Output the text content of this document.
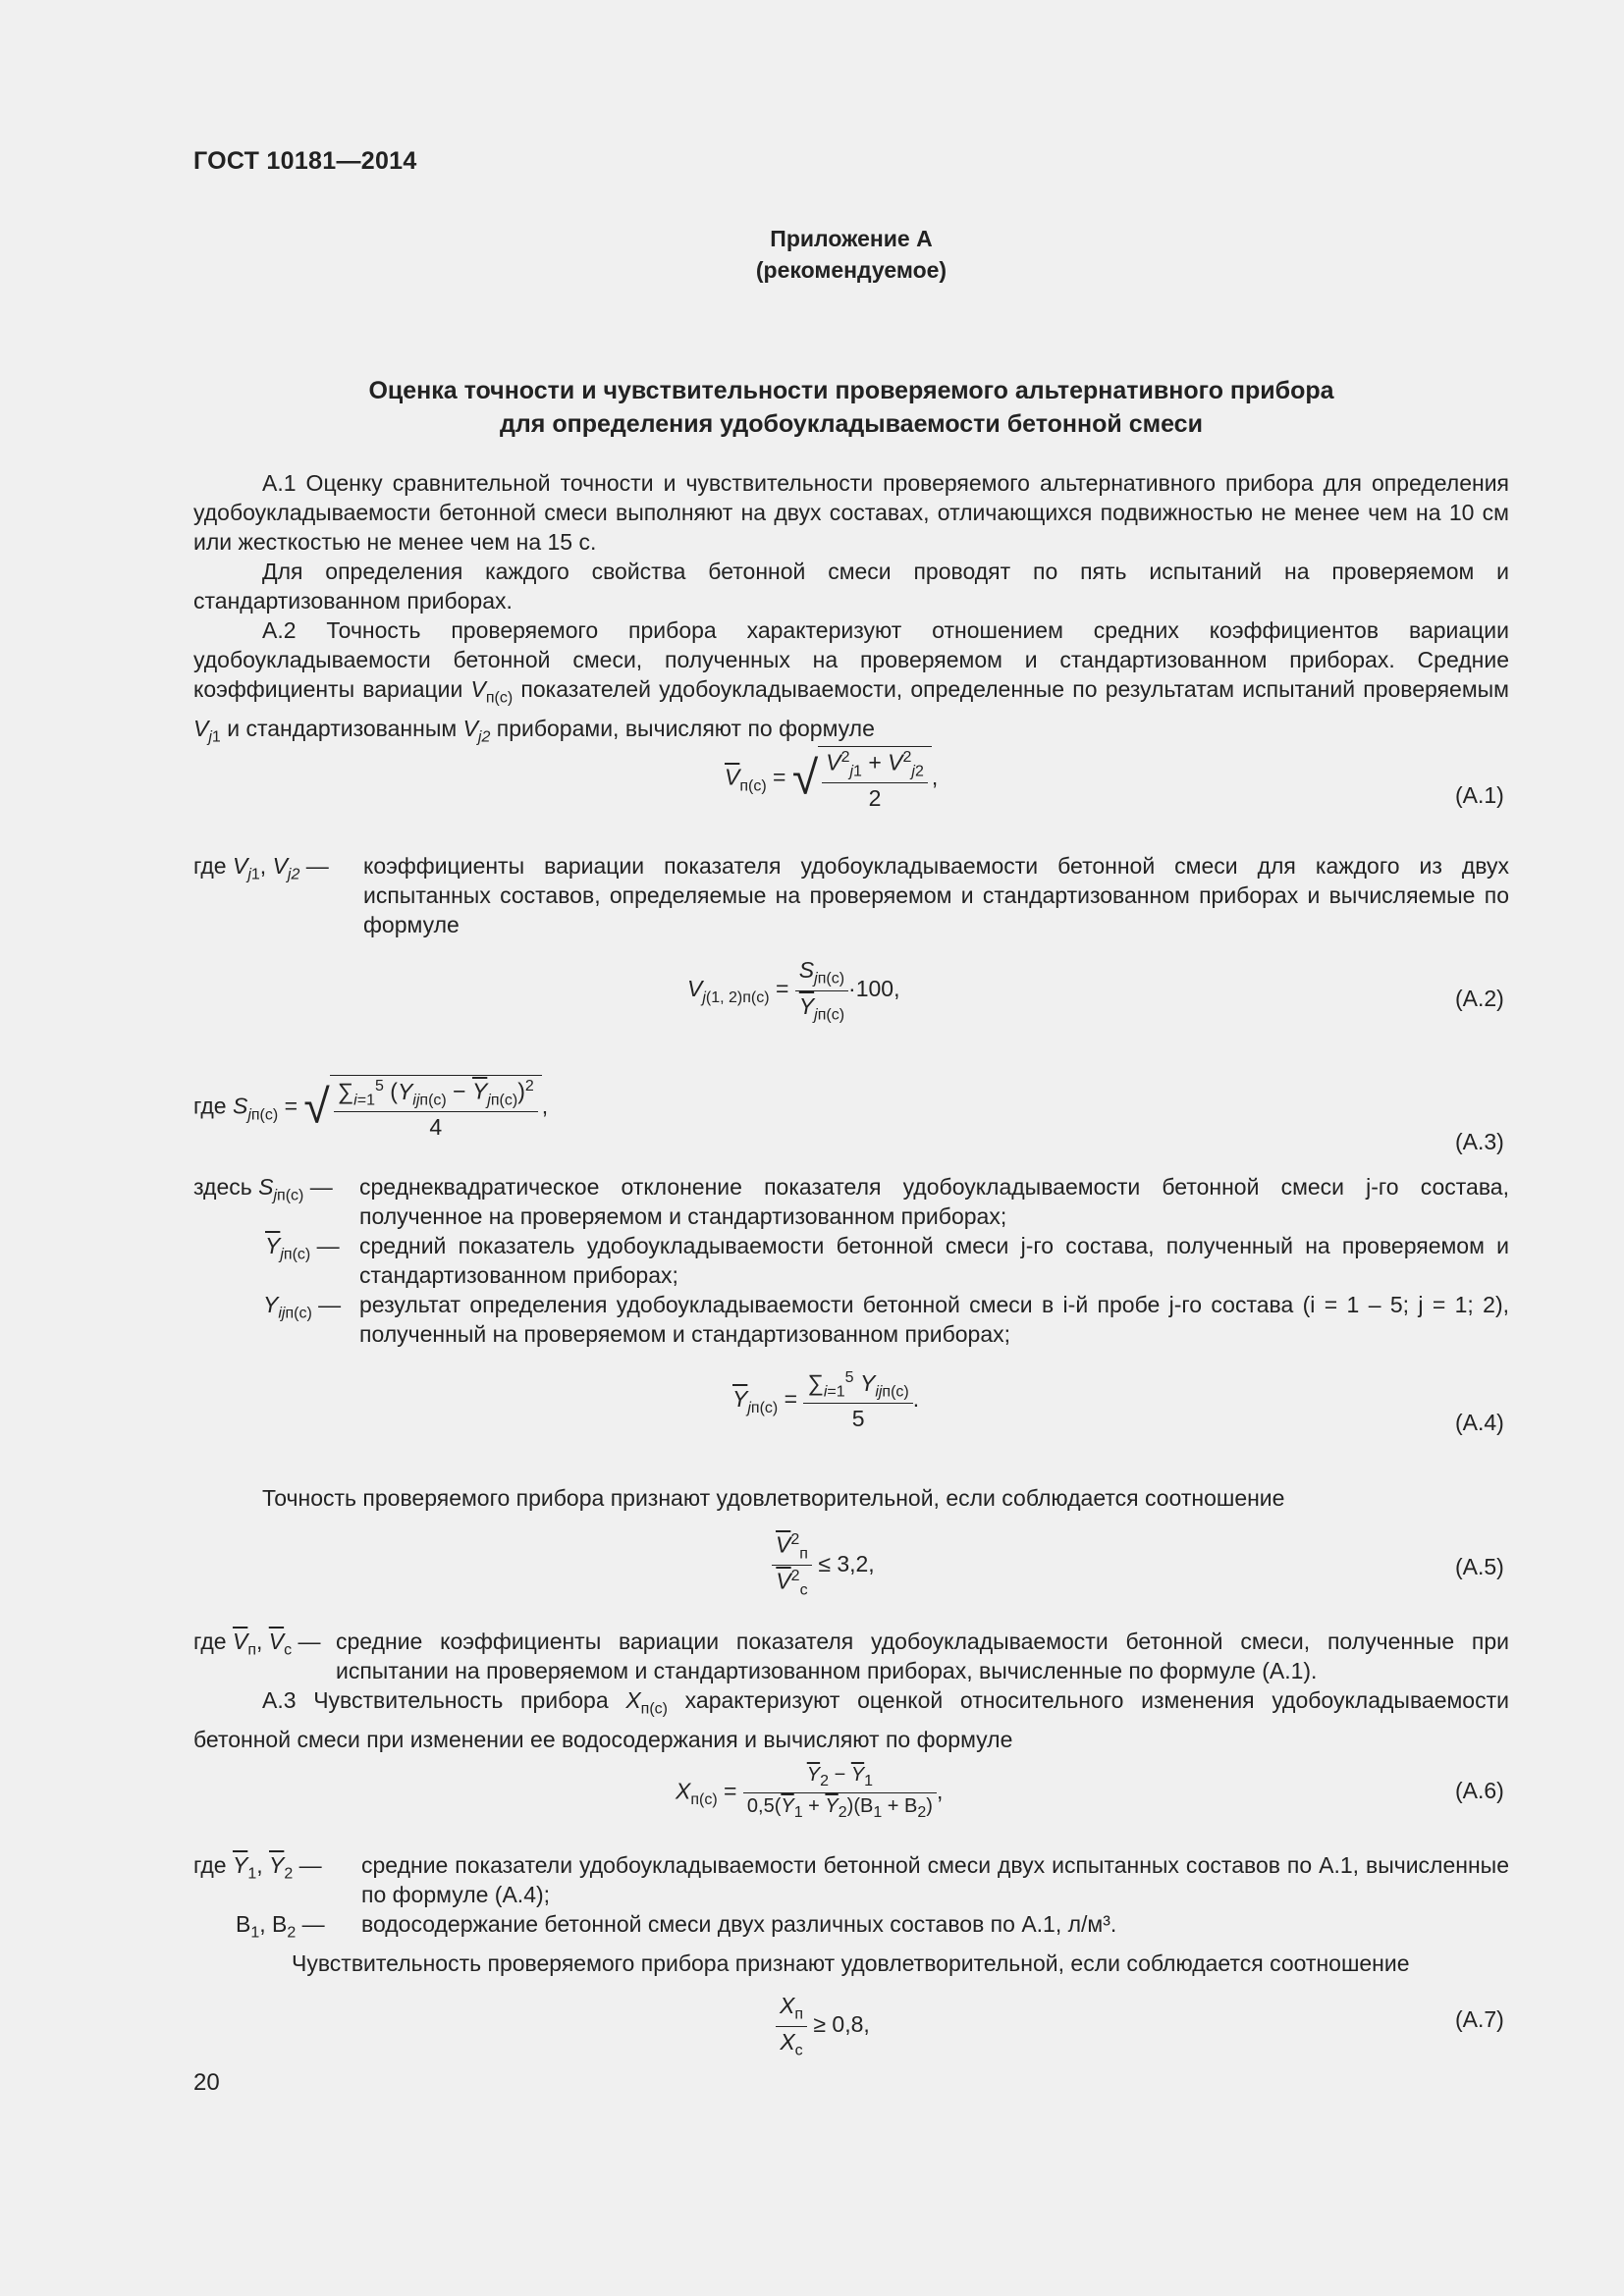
ГОСТ 10181—2014
Приложение А
(рекомендуемое)
Оценка точности и чувствительности проверяемого альтернативного прибора
для определения удобоукладываемости бетонной смеси
А.1 Оценку сравнительной точности и чувствительности проверяемого альтернативного прибора для определения удобоукладываемости бетонной смеси выполняют на двух составах, отличающихся подвижностью не менее чем на 10 см или жесткостью не менее чем на 15 с.
Для определения каждого свойства бетонной смеси проводят по пять испытаний на проверяемом и стандартизованном приборах.
А.2 Точность проверяемого прибора характеризуют отношением средних коэффициентов вариации удобоукладываемости бетонной смеси, полученных на проверяемом и стандартизованном приборах. Средние коэффициенты вариации $V_{п(с)}$ показателей удобоукладываемости, определенные по результатам испытаний проверяемым $V_{j1}$ и стандартизованным $V_{j2}$ приборами, вычисляют по формуле
$\overline{V}_{п(с)}$ = √ $\frac{V^2_{j1} + V^2_{j2}}{2}$ ,
(А.1)
где $V_{j1}$, $V_{j2}$ — коэффициенты вариации показателя удобоукладываемости бетонной смеси для каждого из двух испытанных составов, определяемые на проверяемом и стандартизованном приборах и вычисляемые по формуле
$V_{j(1, 2)п(с)} = \frac{S_{jп(с)}}{\overline{Y}_{jп(с)}} \cdot 100$,	(А.2)
где $S_{jп(с)}$ = √ $\frac{\sum_{i=1}^5 (Y_{ijп(с)} - \overline{Y}_{jп(с)})^2}{4}$ ,
(А.3)
здесь $S_{jп(с)}$ — среднеквадратическое отклонение показателя удобоукладываемости бетонной смеси j-го состава, полученное на проверяемом и стандартизованном приборах;
$\overline{Y}_{jп(с)}$ — средний показатель удобоукладываемости бетонной смеси j-го состава, полученный на проверяемом и стандартизованном приборах;
$Y_{ijп(с)}$ — результат определения удобоукладываемости бетонной смеси в i-й пробе j-го состава (i = 1 – 5; j = 1; 2), полученный на проверяемом и стандартизованном приборах;
$\overline{Y}_{jп(с)} = \frac{\sum_{i=1}^5 Y_{ijп(с)}}{5}$ .
(А.4)
Точность проверяемого прибора признают удовлетворительной, если соблюдается соотношение
$\frac{\overline{V}^2_п}{\overline{V}^2_с} \le 3,2$,	(А.5)
где $\overline{V}_п$, $\overline{V}_с$ — средние коэффициенты вариации показателя удобоукладываемости бетонной смеси, полученные при испытании на проверяемом и стандартизованном приборах, вычисленные по формуле (А.1).
А.3 Чувствительность прибора $X_{п(с)}$ характеризуют оценкой относительного изменения удобоукладываемости бетонной смеси при изменении ее водосодержания и вычисляют по формуле
$X_{п(с)} = \frac{\overline{Y}_2 - \overline{Y}_1}{0,5(\overline{Y}_1 + \overline{Y}_2)(В_1 + В_2)}$ ,	(А.6)
где $\overline{Y}_1$, $\overline{Y}_2$ — средние показатели удобоукладываемости бетонной смеси двух испытанных составов по А.1, вычисленные по формуле (А.4);
$В_1$, $В_2$ — водосодержание бетонной смеси двух различных составов по А.1, л/м³.
Чувствительность проверяемого прибора признают удовлетворительной, если соблюдается соотношение
$\frac{X_п}{X_с} \ge 0,8$,	(А.7)
20
